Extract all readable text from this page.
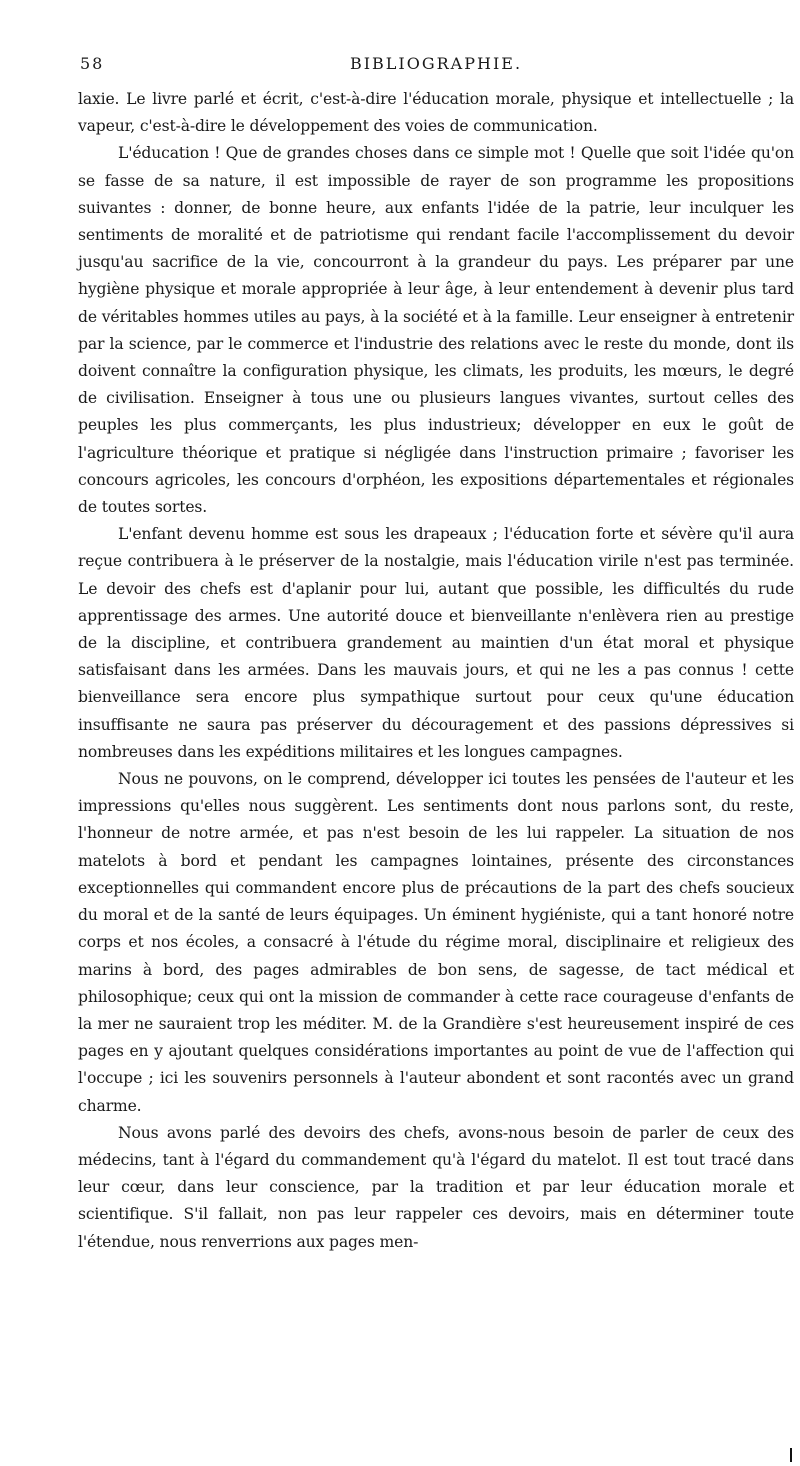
58	BIBLIOGRAPHIE.

laxie. Le livre parlé et écrit, c'est-à-dire l'éducation morale, physique et intellectuelle ; la vapeur, c'est-à-dire le développement des voies de communication.

L'éducation ! Que de grandes choses dans ce simple mot ! Quelle que soit l'idée qu'on se fasse de sa nature, il est impossible de rayer de son programme les propositions suivantes : donner, de bonne heure, aux enfants l'idée de la patrie, leur inculquer les sentiments de moralité et de patriotisme qui rendant facile l'accomplissement du devoir jusqu'au sacrifice de la vie, concourront à la grandeur du pays. Les préparer par une hygiène physique et morale appropriée à leur âge, à leur entendement à devenir plus tard de véritables hommes utiles au pays, à la société et à la famille. Leur enseigner à entretenir par la science, par le commerce et l'industrie des relations avec le reste du monde, dont ils doivent connaître la configuration physique, les climats, les produits, les mœurs, le degré de civilisation. Enseigner à tous une ou plusieurs langues vivantes, surtout celles des peuples les plus commerçants, les plus industrieux; développer en eux le goût de l'agriculture théorique et pratique si négligée dans l'instruction primaire ; favoriser les concours agricoles, les concours d'orphéon, les expositions départementales et régionales de toutes sortes.

L'enfant devenu homme est sous les drapeaux ; l'éducation forte et sévère qu'il aura reçue contribuera à le préserver de la nostalgie, mais l'éducation virile n'est pas terminée. Le devoir des chefs est d'aplanir pour lui, autant que possible, les difficultés du rude apprentissage des armes. Une autorité douce et bienveillante n'enlèvera rien au prestige de la discipline, et contribuera grandement au maintien d'un état moral et physique satisfaisant dans les armées. Dans les mauvais jours, et qui ne les a pas connus ! cette bienveillance sera encore plus sympathique surtout pour ceux qu'une éducation insuffisante ne saura pas préserver du découragement et des passions dépressives si nombreuses dans les expéditions militaires et les longues campagnes.

Nous ne pouvons, on le comprend, développer ici toutes les pensées de l'auteur et les impressions qu'elles nous suggèrent. Les sentiments dont nous parlons sont, du reste, l'honneur de notre armée, et pas n'est besoin de les lui rappeler. La situation de nos matelots à bord et pendant les campagnes lointaines, présente des circonstances exceptionnelles qui commandent encore plus de précautions de la part des chefs soucieux du moral et de la santé de leurs équipages. Un éminent hygiéniste, qui a tant honoré notre corps et nos écoles, a consacré à l'étude du régime moral, disciplinaire et religieux des marins à bord, des pages admirables de bon sens, de sagesse, de tact médical et philosophique; ceux qui ont la mission de commander à cette race courageuse d'enfants de la mer ne sauraient trop les méditer. M. de la Grandière s'est heureusement inspiré de ces pages en y ajoutant quelques considérations importantes au point de vue de l'affection qui l'occupe ; ici les souvenirs personnels à l'auteur abondent et sont racontés avec un grand charme.

Nous avons parlé des devoirs des chefs, avons-nous besoin de parler de ceux des médecins, tant à l'égard du commandement qu'à l'égard du matelot. Il est tout tracé dans leur cœur, dans leur conscience, par la tradition et par leur éducation morale et scientifique. S'il fallait, non pas leur rappeler ces devoirs, mais en déterminer toute l'étendue, nous renverrions aux pages men-
